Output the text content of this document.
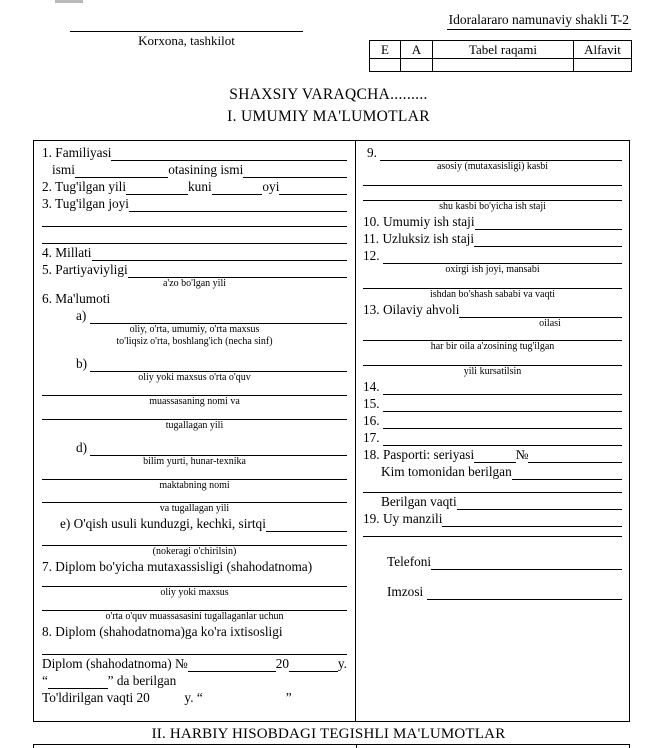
Korxona, tashkilot
Idoralararo namunaviy shakli T-2
E	A	Tabel raqami	Alfavit

SHAXSIY VARAQCHA.........
I. UMUMIY MA'LUMOTLAR
1. Familiyasi
ismi	otasining ismi
2. Tug'ilgan yili	kuni	oyi
3. Tug'ilgan joyi
4. Millati
5. Partiyaviyligi
a'zo bo'lgan yili
6. Ma'lumoti
a)
oliy, o'rta, umumiy, o'rta maxsus
to'liqsiz o'rta, boshlang'ich (necha sinf)
b)
oliy yoki maxsus o'rta o'quv
muassasaning nomi va
tugallagan yili
d)
bilim yurti, hunar-texnika
maktabning nomi
va tugallagan yili
e) O'qish usuli kunduzgi, kechki, sirtqi
(nokeragi o'chirilsin)
7. Diplom bo'yicha mutaxassisligi (shahodatnoma)
oliy yoki maxsus
o'rta o'quv muassasasini tugallaganlar uchun
8. Diplom (shahodatnoma)ga ko'ra ixtisosligi
Diplom (shahodatnoma) №	20	y.
“	” da berilgan
To'ldirilgan vaqti 20	y. “	”
9.
asosiy (mutaxasisligi) kasbi
shu kasbi bo'yicha ish staji
10. Umumiy ish staji
11. Uzluksiz ish staji
12.
oxirgi ish joyi, mansabi
ishdan bo'shash sababi va vaqti
13. Oilaviy ahvoli
oilasi
har bir oila a'zosining tug'ilgan
yili kursatilsin
14.
15.
16.
17.
18. Pasporti: seriyasi	№
Kim tomonidan berilgan
Berilgan vaqti
19. Uy manzili
Telefoni
Imzosi
II. HARBIY HISOBDAGI TEGISHLI MA'LUMOTLAR
